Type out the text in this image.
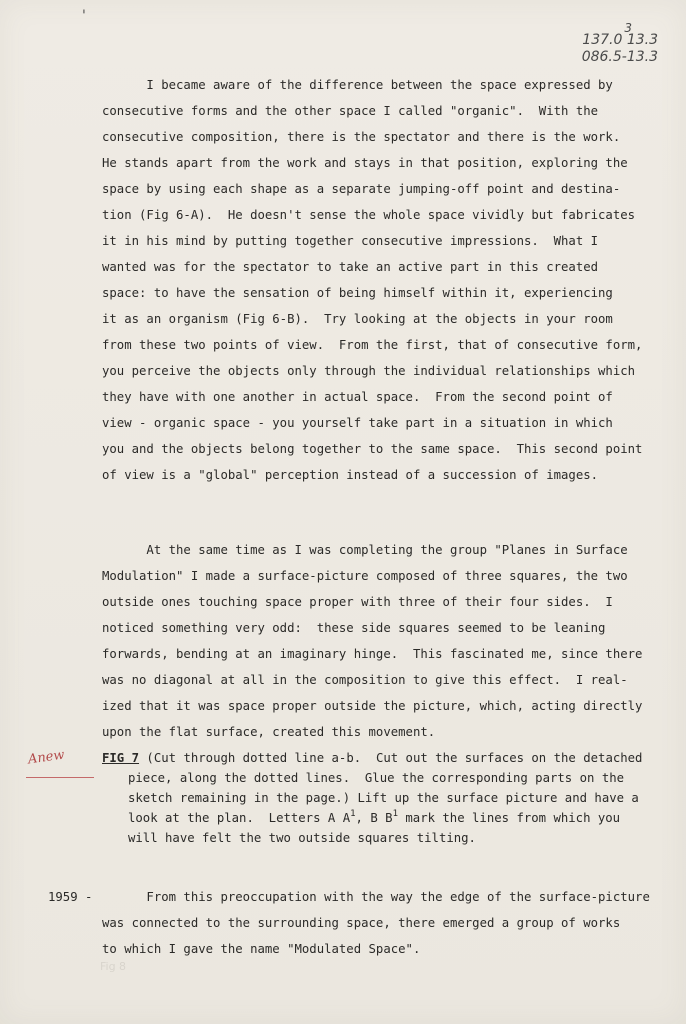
'
3
137.0 13.3
086.5-13.3
I became aware of the difference between the space expressed by
consecutive forms and the other space I called "organic".  With the
consecutive composition, there is the spectator and there is the work.
He stands apart from the work and stays in that position, exploring the
space by using each shape as a separate jumping-off point and destina-
tion (Fig 6-A).  He doesn't sense the whole space vividly but fabricates
it in his mind by putting together consecutive impressions.  What I
wanted was for the spectator to take an active part in this created
space: to have the sensation of being himself within it, experiencing
it as an organism (Fig 6-B).  Try looking at the objects in your room
from these two points of view.  From the first, that of consecutive form,
you perceive the objects only through the individual relationships which
they have with one another in actual space.  From the second point of
view - organic space - you yourself take part in a situation in which
you and the objects belong together to the same space.  This second point
of view is a "global" perception instead of a succession of images.
At the same time as I was completing the group "Planes in Surface
Modulation" I made a surface-picture composed of three squares, the two
outside ones touching space proper with three of their four sides.  I
noticed something very odd:  these side squares seemed to be leaning
forwards, bending at an imaginary hinge.  This fascinated me, since there
was no diagonal at all in the composition to give this effect.  I real-
ized that it was space proper outside the picture, which, acting directly
upon the flat surface, created this movement.
Anew	FIG 7 (Cut through dotted line a-b.  Cut out the surfaces on the detached
piece, along the dotted lines.  Glue the corresponding parts on the
sketch remaining in the page.) Lift up the surface picture and have a
look at the plan.  Letters A $A^1$, B $B^1$ mark the lines from which you
will have felt the two outside squares tilting.
1959 - From this preoccupation with the way the edge of the surface-picture
was connected to the surrounding space, there emerged a group of works
to which I gave the name "Modulated Space".
Fig 8
